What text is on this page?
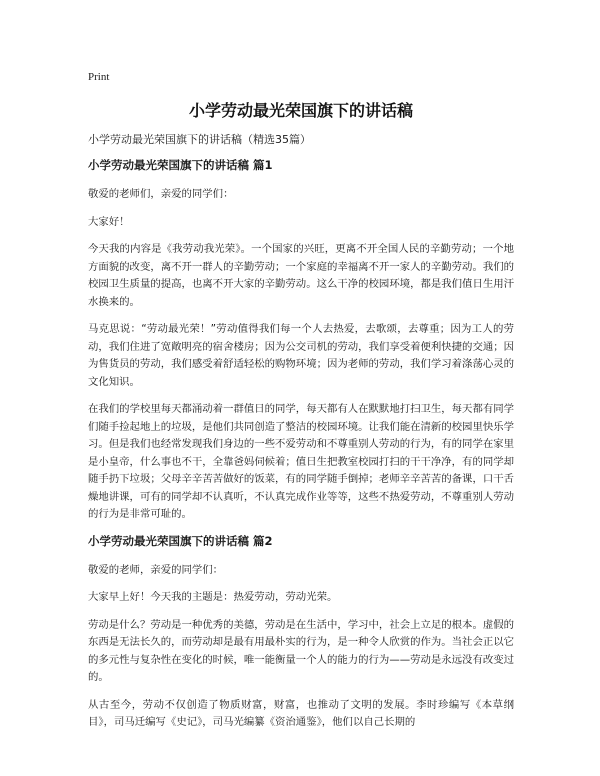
Print
小学劳动最光荣国旗下的讲话稿

小学劳动最光荣国旗下的讲话稿（精选35篇）

小学劳动最光荣国旗下的讲话稿 篇1

敬爱的老师们，亲爱的同学们：

大家好！

今天我的内容是《我劳动我光荣》。一个国家的兴旺，更离不开全国人民的辛勤劳动；一个地方面貌的改变，离不开一群人的辛勤劳动；一个家庭的幸福离不开一家人的辛勤劳动。我们的校园卫生质量的提高，也离不开大家的辛勤劳动。这么干净的校园环境，都是我们值日生用汗水换来的。

马克思说：“劳动最光荣！”劳动值得我们每一个人去热爱，去歌颂，去尊重；因为工人的劳动，我们住进了宽敞明亮的宿舍楼房；因为公交司机的劳动，我们享受着便利快捷的交通；因为售货员的劳动，我们感受着舒适轻松的购物环境；因为老师的劳动，我们学习着涤荡心灵的文化知识。

在我们的学校里每天都涌动着一群值日的同学，每天都有人在默默地打扫卫生，每天都有同学们随手捡起地上的垃圾，是他们共同创造了整洁的校园环境。让我们能在清新的校园里快乐学习。但是我们也经常发现我们身边的一些不爱劳动和不尊重别人劳动的行为，有的同学在家里是小皇帝，什么事也不干，全靠爸妈伺候着；值日生把教室校园打扫的干干净净，有的同学却随手扔下垃圾；父母辛辛苦苦做好的饭菜，有的同学随手倒掉；老师辛辛苦苦的备课，口干舌燥地讲课，可有的同学却不认真听，不认真完成作业等等，这些不热爱劳动，不尊重别人劳动的行为是非常可耻的。

小学劳动最光荣国旗下的讲话稿 篇2

敬爱的老师，亲爱的同学们：

大家早上好！今天我的主题是：热爱劳动，劳动光荣。

劳动是什么？劳动是一种优秀的美德，劳动是在生活中，学习中，社会上立足的根本。虚假的东西是无法长久的，而劳动却是最有用最朴实的行为，是一种令人欣赏的作为。当社会正以它的多元性与复杂性在变化的时候，唯一能衡量一个人的能力的行为——劳动是永远没有改变过的。

从古至今，劳动不仅创造了物质财富，财富，也推动了文明的发展。李时珍编写《本草纲目》，司马迁编写《史记》，司马光编纂《资治通鉴》，他们以自己长期的
